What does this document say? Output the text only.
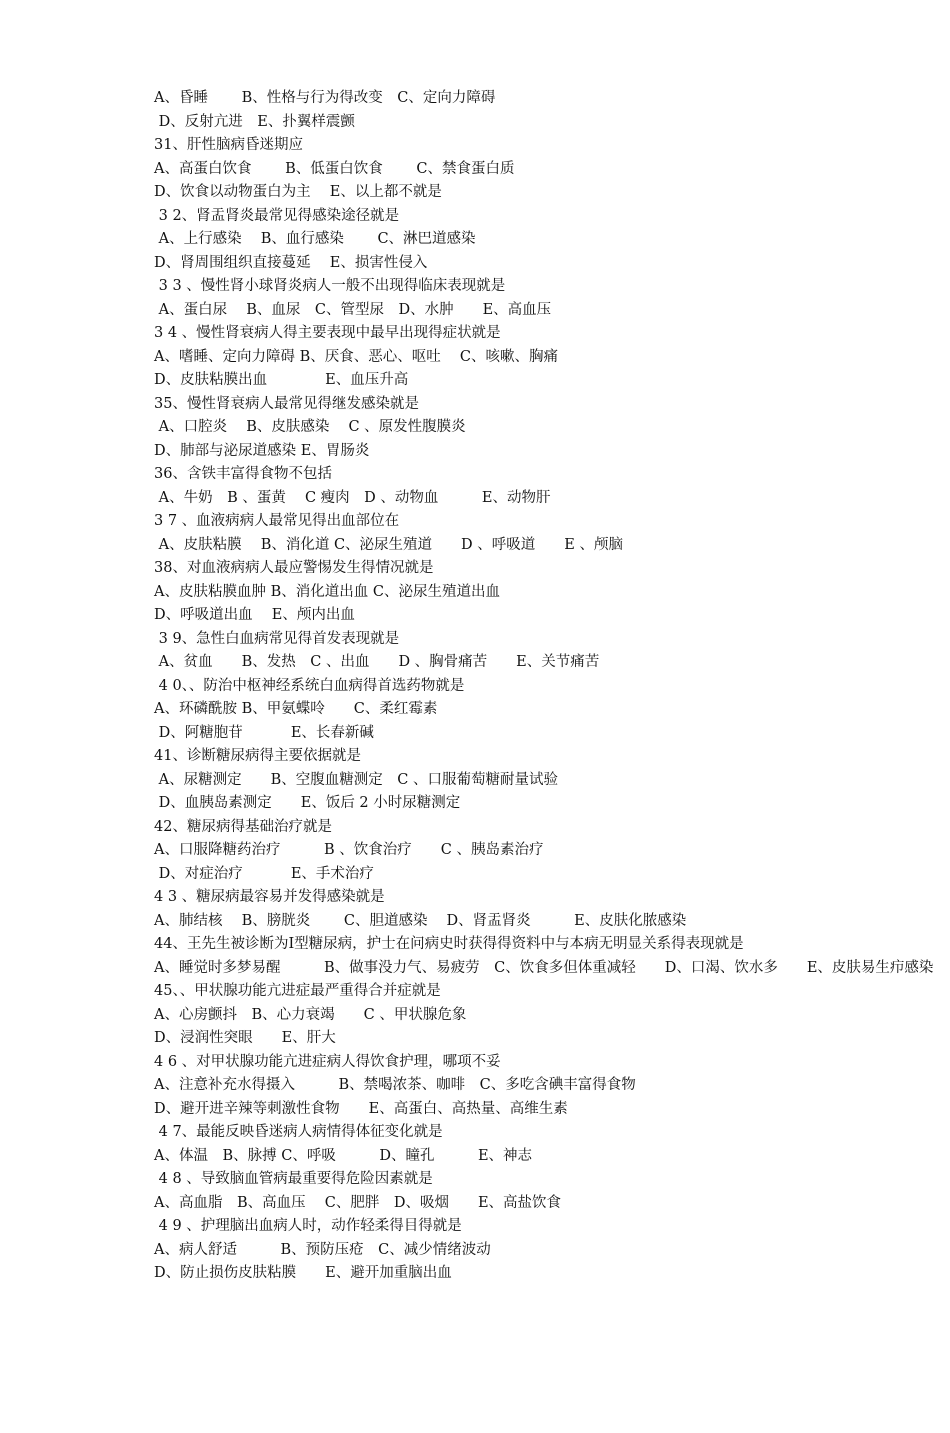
A、昏睡　　 B、性格与行为得改变　C、定向力障碍

D、反射亢进　E、扑翼样震颤

31、肝性脑病昏迷期应

A、高蛋白饮食　　 B、低蛋白饮食　　 C、禁食蛋白质

D、饮食以动物蛋白为主　 E、以上都不就是

3 2、肾盂肾炎最常见得感染途径就是

A、上行感染　 B、血行感染　　 C、淋巴道感染

D、肾周围组织直接蔓延　 E、损害性侵入

3 3 、慢性肾小球肾炎病人一般不出现得临床表现就是

A、蛋白尿　 B、血尿　C、管型尿　D、水肿　　E、高血压

3 4 、慢性肾衰病人得主要表现中最早出现得症状就是

A、嗜睡、定向力障碍 B、厌食、恶心、呕吐　 C、咳嗽、胸痛

D、皮肤粘膜出血　　　　E、血压升高

35、慢性肾衰病人最常见得继发感染就是

A、口腔炎　 B、皮肤感染　 C 、原发性腹膜炎

D、肺部与泌尿道感染 E、胃肠炎

36、含铁丰富得食物不包括

A、牛奶　B 、蛋黄　 C 瘦肉　D 、动物血　　　E、动物肝

3 7 、血液病病人最常见得出血部位在

A、皮肤粘膜　 B、消化道 C、泌尿生殖道　　D 、呼吸道　　E 、颅脑

38、对血液病病人最应警惕发生得情况就是

A、皮肤粘膜血肿 B、消化道出血 C、泌尿生殖道出血

D、呼吸道出血　 E、颅内出血

3 9、急性白血病常见得首发表现就是

A、贫血　　B、发热　C 、出血　　D 、胸骨痛苦　　E、关节痛苦

4 0、、防治中枢神经系统白血病得首选药物就是

A、环磷酰胺 B、甲氨蝶呤　　C、柔红霉素

D、阿糖胞苷　　　 E、长春新碱

41、诊断糖尿病得主要依据就是

A、尿糖测定　　B、空腹血糖测定　C 、口服葡萄糖耐量试验

D、血胰岛素测定　　E、饭后 2 小时尿糖测定

42、糖尿病得基础治疗就是

A、口服降糖药治疗　　　B 、饮食治疗　　C 、胰岛素治疗

D、对症治疗　　　 E、手术治疗

4 3 、糖尿病最容易并发得感染就是

A、肺结核　 B、膀胱炎　　 C、胆道感染　 D、肾盂肾炎　　　E、皮肤化脓感染

44、王先生被诊断为Ⅰ型糖尿病，护士在问病史时获得得资料中与本病无明显关系得表现就是

A、睡觉时多梦易醒　　　B、做事没力气、易疲劳　C、饮食多但体重减轻　　D、口渴、饮水多　　E、皮肤易生疖感染

45、、甲状腺功能亢进症最严重得合并症就是

A、心房颤抖　B、心力衰竭　　C 、甲状腺危象

D、浸润性突眼　　E、肝大

4 6 、对甲状腺功能亢进症病人得饮食护理，哪项不妥

A、注意补充水得摄入　　　B、禁喝浓茶、咖啡　C、多吃含碘丰富得食物

D、避开进辛辣等刺激性食物　　E、高蛋白、高热量、高维生素

4 7、最能反映昏迷病人病情得体征变化就是

A、体温　B、脉搏 C、呼吸　　　D、瞳孔　　　E、神志

4 8 、导致脑血管病最重要得危险因素就是

A、高血脂　B、高血压　 C、肥胖　D、吸烟　　E、高盐饮食

4 9 、护理脑出血病人时，动作轻柔得目得就是

A、病人舒适　　　B、预防压疮　C、减少情绪波动

D、防止损伤皮肤粘膜　　E、避开加重脑出血
